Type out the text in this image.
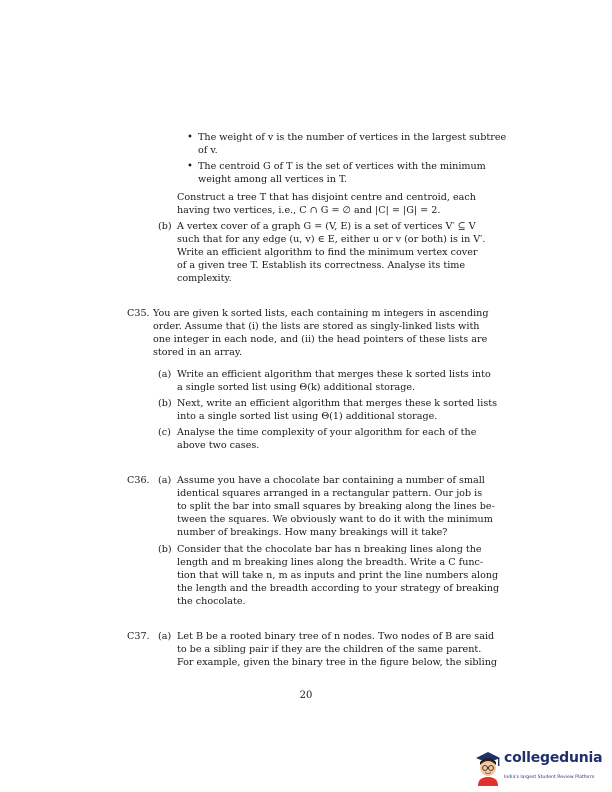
• The weight of v is the number of vertices in the largest subtree
of v.
• The centroid G of T is the set of vertices with the minimum
weight among all vertices in T.
Construct a tree T that has disjoint centre and centroid, each
having two vertices, i.e., C ∩ G = ∅ and |C| = |G| = 2.
(b) A vertex cover of a graph G = (V, E) is a set of vertices V′ ⊆ V
such that for any edge (u, v) ∈ E, either u or v (or both) is in V′.
Write an efficient algorithm to find the minimum vertex cover
of a given tree T. Establish its correctness. Analyse its time
complexity.
C35. You are given k sorted lists, each containing m integers in ascending
order. Assume that (i) the lists are stored as singly-linked lists with
one integer in each node, and (ii) the head pointers of these lists are
stored in an array.
(a) Write an efficient algorithm that merges these k sorted lists into
a single sorted list using Θ(k) additional storage.
(b) Next, write an efficient algorithm that merges these k sorted lists
into a single sorted list using Θ(1) additional storage.
(c) Analyse the time complexity of your algorithm for each of the
above two cases.
C36. (a) Assume you have a chocolate bar containing a number of small
identical squares arranged in a rectangular pattern. Our job is
to split the bar into small squares by breaking along the lines be-
tween the squares. We obviously want to do it with the minimum
number of breakings. How many breakings will it take?
(b) Consider that the chocolate bar has n breaking lines along the
length and m breaking lines along the breadth. Write a C func-
tion that will take n, m as inputs and print the line numbers along
the length and the breadth according to your strategy of breaking
the chocolate.
C37. (a) Let B be a rooted binary tree of n nodes. Two nodes of B are said
to be a sibling pair if they are the children of the same parent.
For example, given the binary tree in the figure below, the sibling
20
collegedunia
India's largest Student Review Platform
